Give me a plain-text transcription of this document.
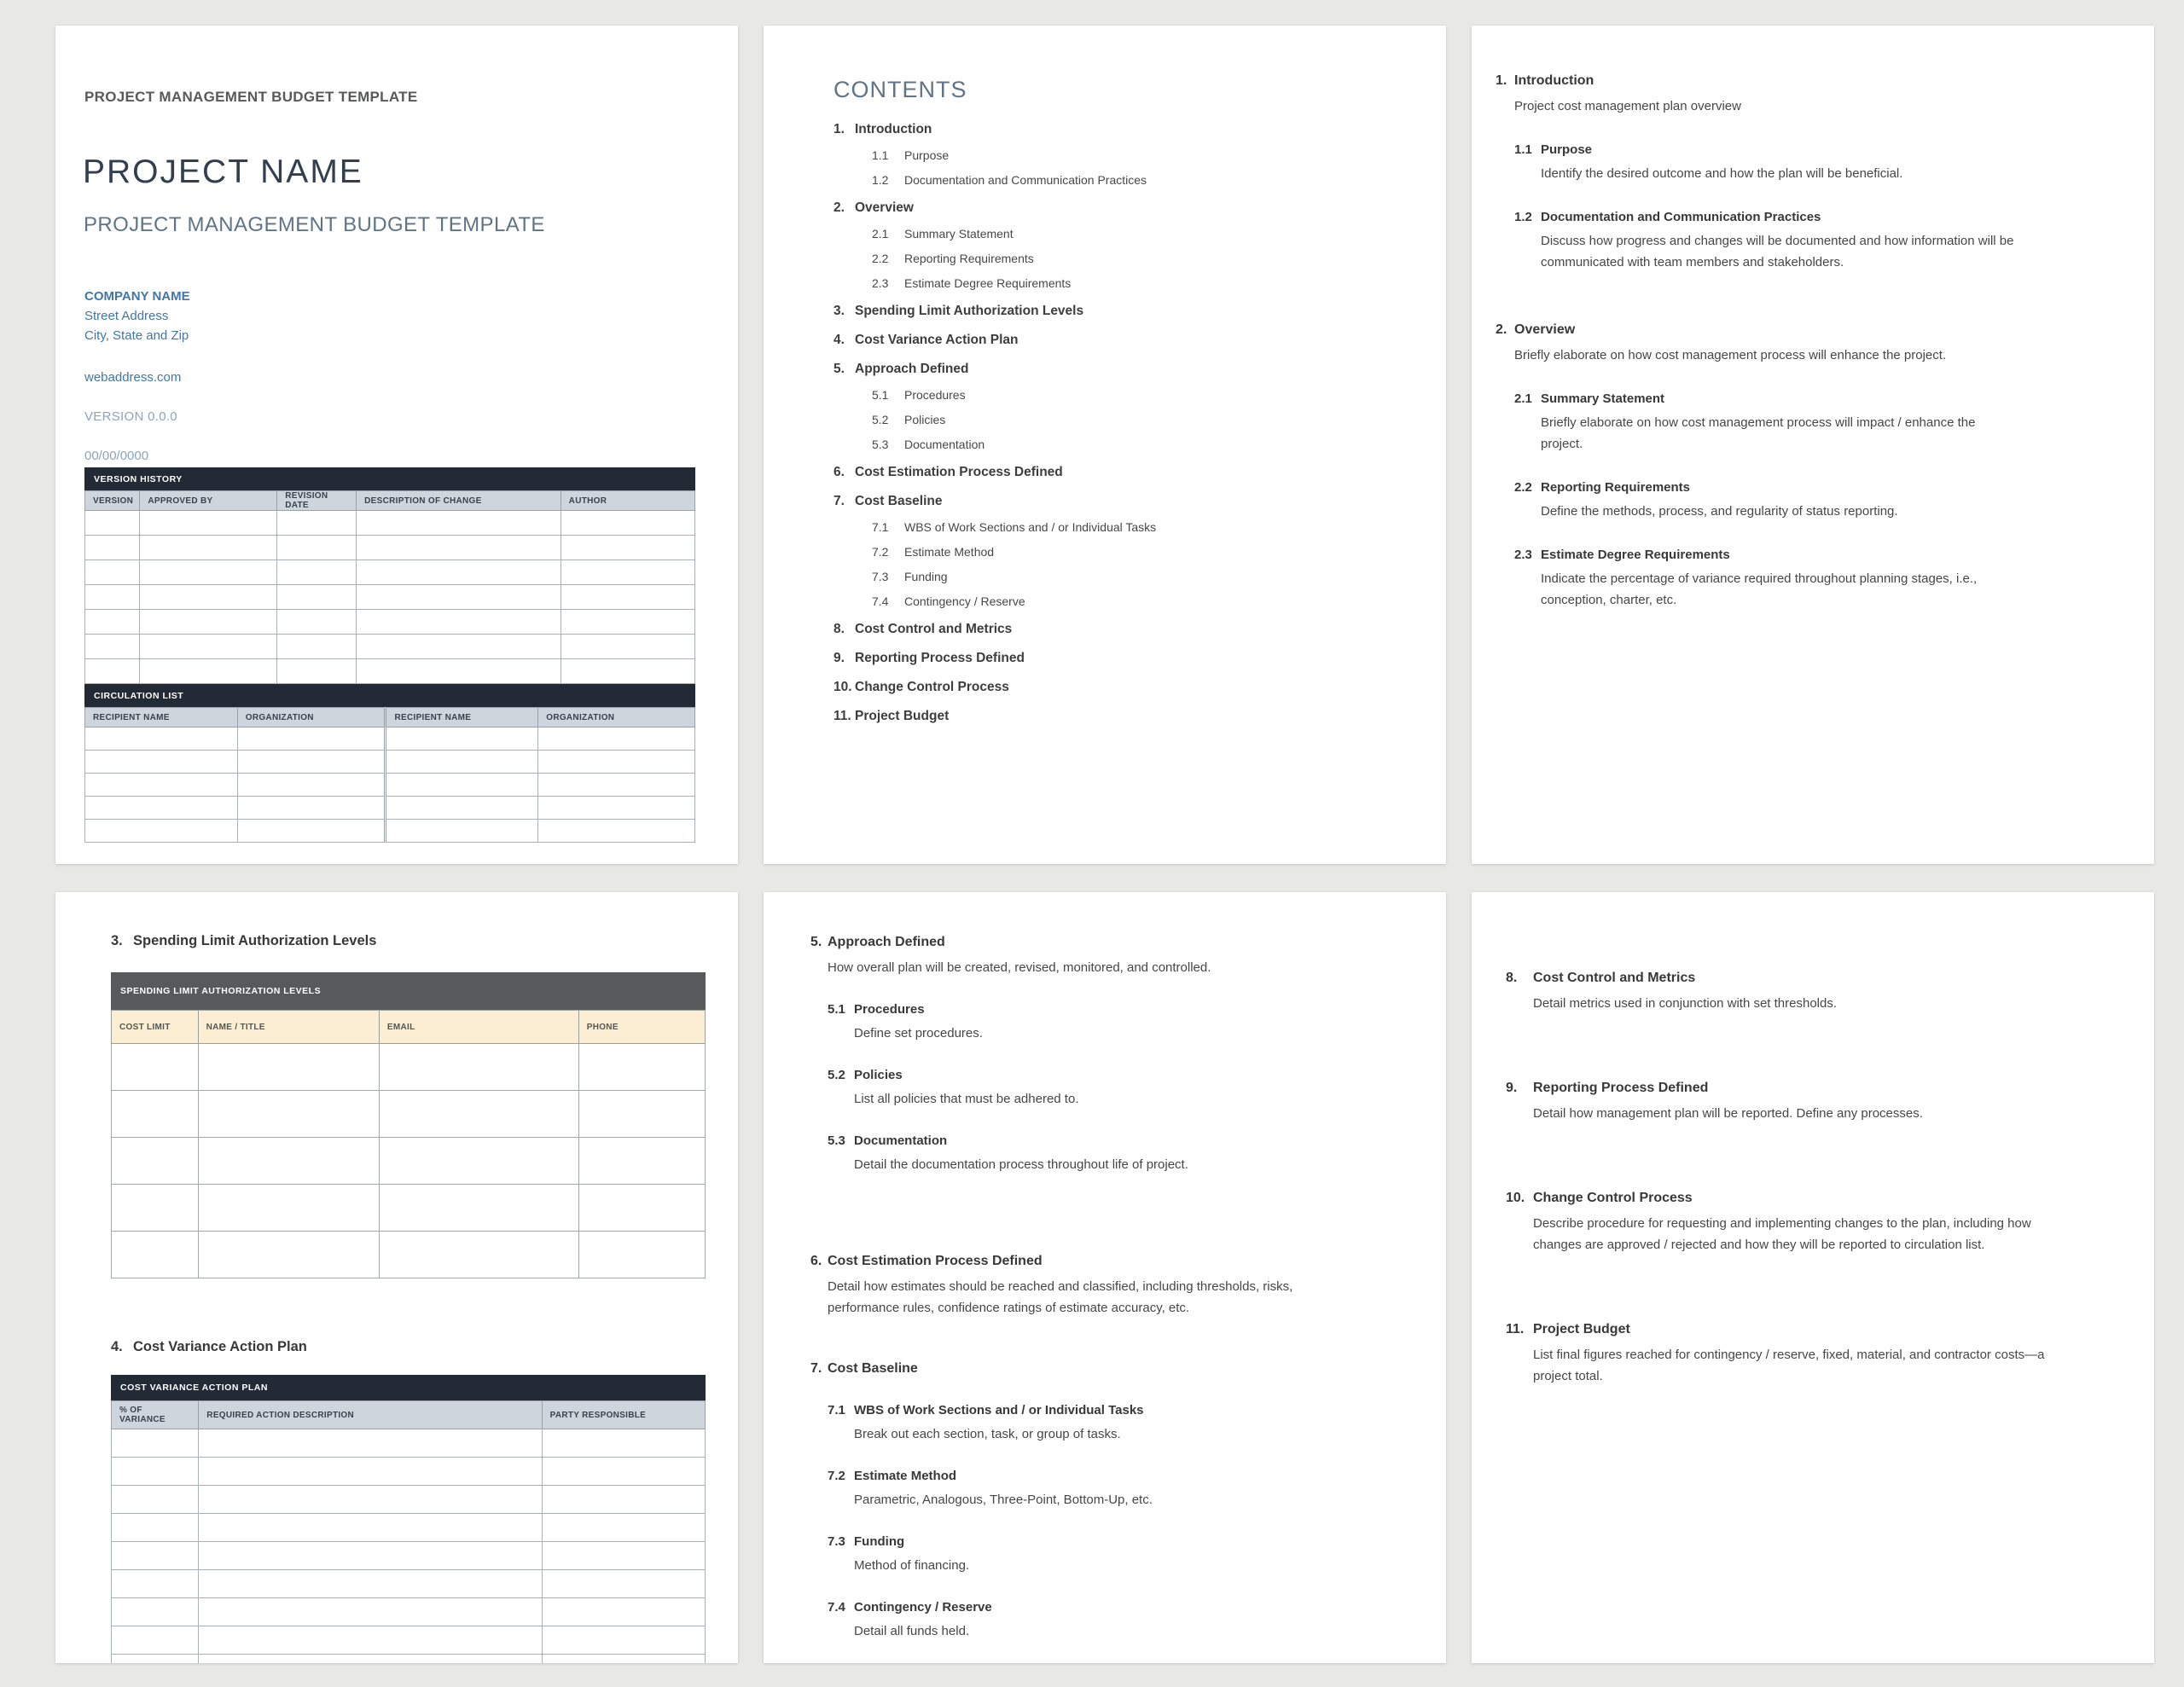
PROJECT MANAGEMENT BUDGET TEMPLATE
PROJECT NAME
PROJECT MANAGEMENT BUDGET TEMPLATE
COMPANY NAME
Street Address
City, State and Zip
webaddress.com
VERSION 0.0.0
00/00/0000
VERSION HISTORY
VERSION	APPROVED BY	REVISION DATE	DESCRIPTION OF CHANGE	AUTHOR

CIRCULATION LIST
RECIPIENT NAME	ORGANIZATION	RECIPIENT NAME	ORGANIZATION

CONTENTS
1. Introduction
1.1	Purpose
1.2	Documentation and Communication Practices
2. Overview
2.1	Summary Statement
2.2	Reporting Requirements
2.3	Estimate Degree Requirements
3. Spending Limit Authorization Levels
4. Cost Variance Action Plan
5. Approach Defined
5.1	Procedures
5.2	Policies
5.3	Documentation
6. Cost Estimation Process Defined
7. Cost Baseline
7.1	WBS of Work Sections and / or Individual Tasks
7.2	Estimate Method
7.3	Funding
7.4	Contingency / Reserve
8. Cost Control and Metrics
9. Reporting Process Defined
10. Change Control Process
11. Project Budget
1. Introduction
Project cost management plan overview
1.1 Purpose
Identify the desired outcome and how the plan will be beneficial.
1.2 Documentation and Communication Practices
Discuss how progress and changes will be documented and how information will be communicated with team members and stakeholders.
2. Overview
Briefly elaborate on how cost management process will enhance the project.
2.1 Summary Statement
Briefly elaborate on how cost management process will impact / enhance the project.
2.2 Reporting Requirements
Define the methods, process, and regularity of status reporting.
2.3 Estimate Degree Requirements
Indicate the percentage of variance required throughout planning stages, i.e., conception, charter, etc.
3. Spending Limit Authorization Levels
SPENDING LIMIT AUTHORIZATION LEVELS
COST LIMIT	NAME / TITLE	EMAIL	PHONE

4. Cost Variance Action Plan
COST VARIANCE ACTION PLAN
% OF VARIANCE	REQUIRED ACTION DESCRIPTION	PARTY RESPONSIBLE

5. Approach Defined
How overall plan will be created, revised, monitored, and controlled.
5.1 Procedures
Define set procedures.
5.2 Policies
List all policies that must be adhered to.
5.3 Documentation
Detail the documentation process throughout life of project.
6. Cost Estimation Process Defined
Detail how estimates should be reached and classified, including thresholds, risks, performance rules, confidence ratings of estimate accuracy, etc.
7. Cost Baseline
7.1 WBS of Work Sections and / or Individual Tasks
Break out each section, task, or group of tasks.
7.2 Estimate Method
Parametric, Analogous, Three-Point, Bottom-Up, etc.
7.3 Funding
Method of financing.
7.4 Contingency / Reserve
Detail all funds held.
8.	Cost Control and Metrics
Detail metrics used in conjunction with set thresholds.
9.	Reporting Process Defined
Detail how management plan will be reported. Define any processes.
10. Change Control Process
Describe procedure for requesting and implementing changes to the plan, including how changes are approved / rejected and how they will be reported to circulation list.
11. Project Budget
List final figures reached for contingency / reserve, fixed, material, and contractor costs—a project total.
